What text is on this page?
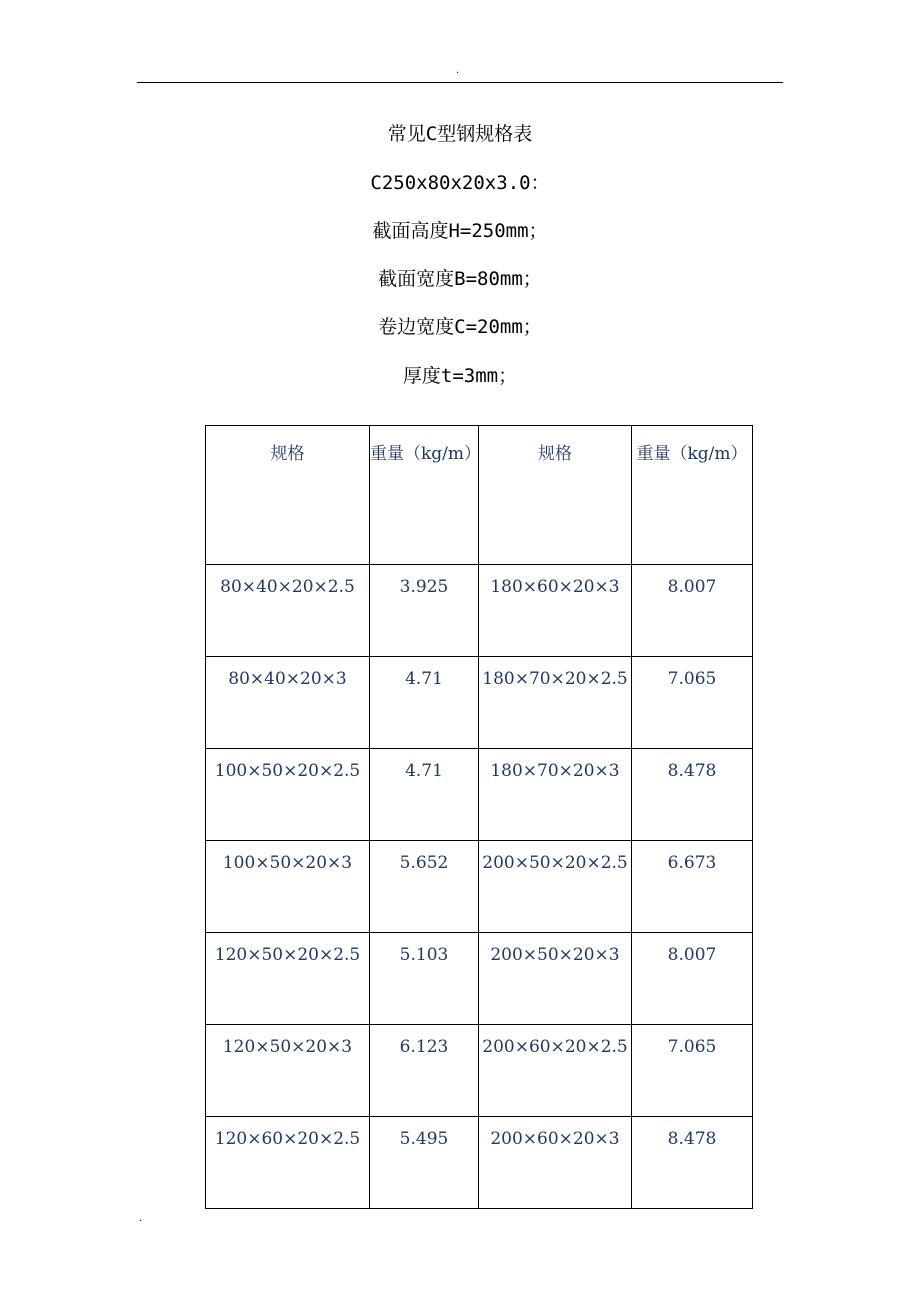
.
常见C型钢规格表
C250x80x20x3.0：
截面高度H=250mm；
截面宽度B=80mm；
卷边宽度C=20mm；
厚度t=3mm；
规格	重量（kg/m）	规格	重量（kg/m）
80×40×20×2.5	3.925	180×60×20×3	8.007
80×40×20×3	4.71	180×70×20×2.5	7.065
100×50×20×2.5	4.71	180×70×20×3	8.478
100×50×20×3	5.652	200×50×20×2.5	6.673
120×50×20×2.5	5.103	200×50×20×3	8.007
120×50×20×3	6.123	200×60×20×2.5	7.065
120×60×20×2.5	5.495	200×60×20×3	8.478
.
